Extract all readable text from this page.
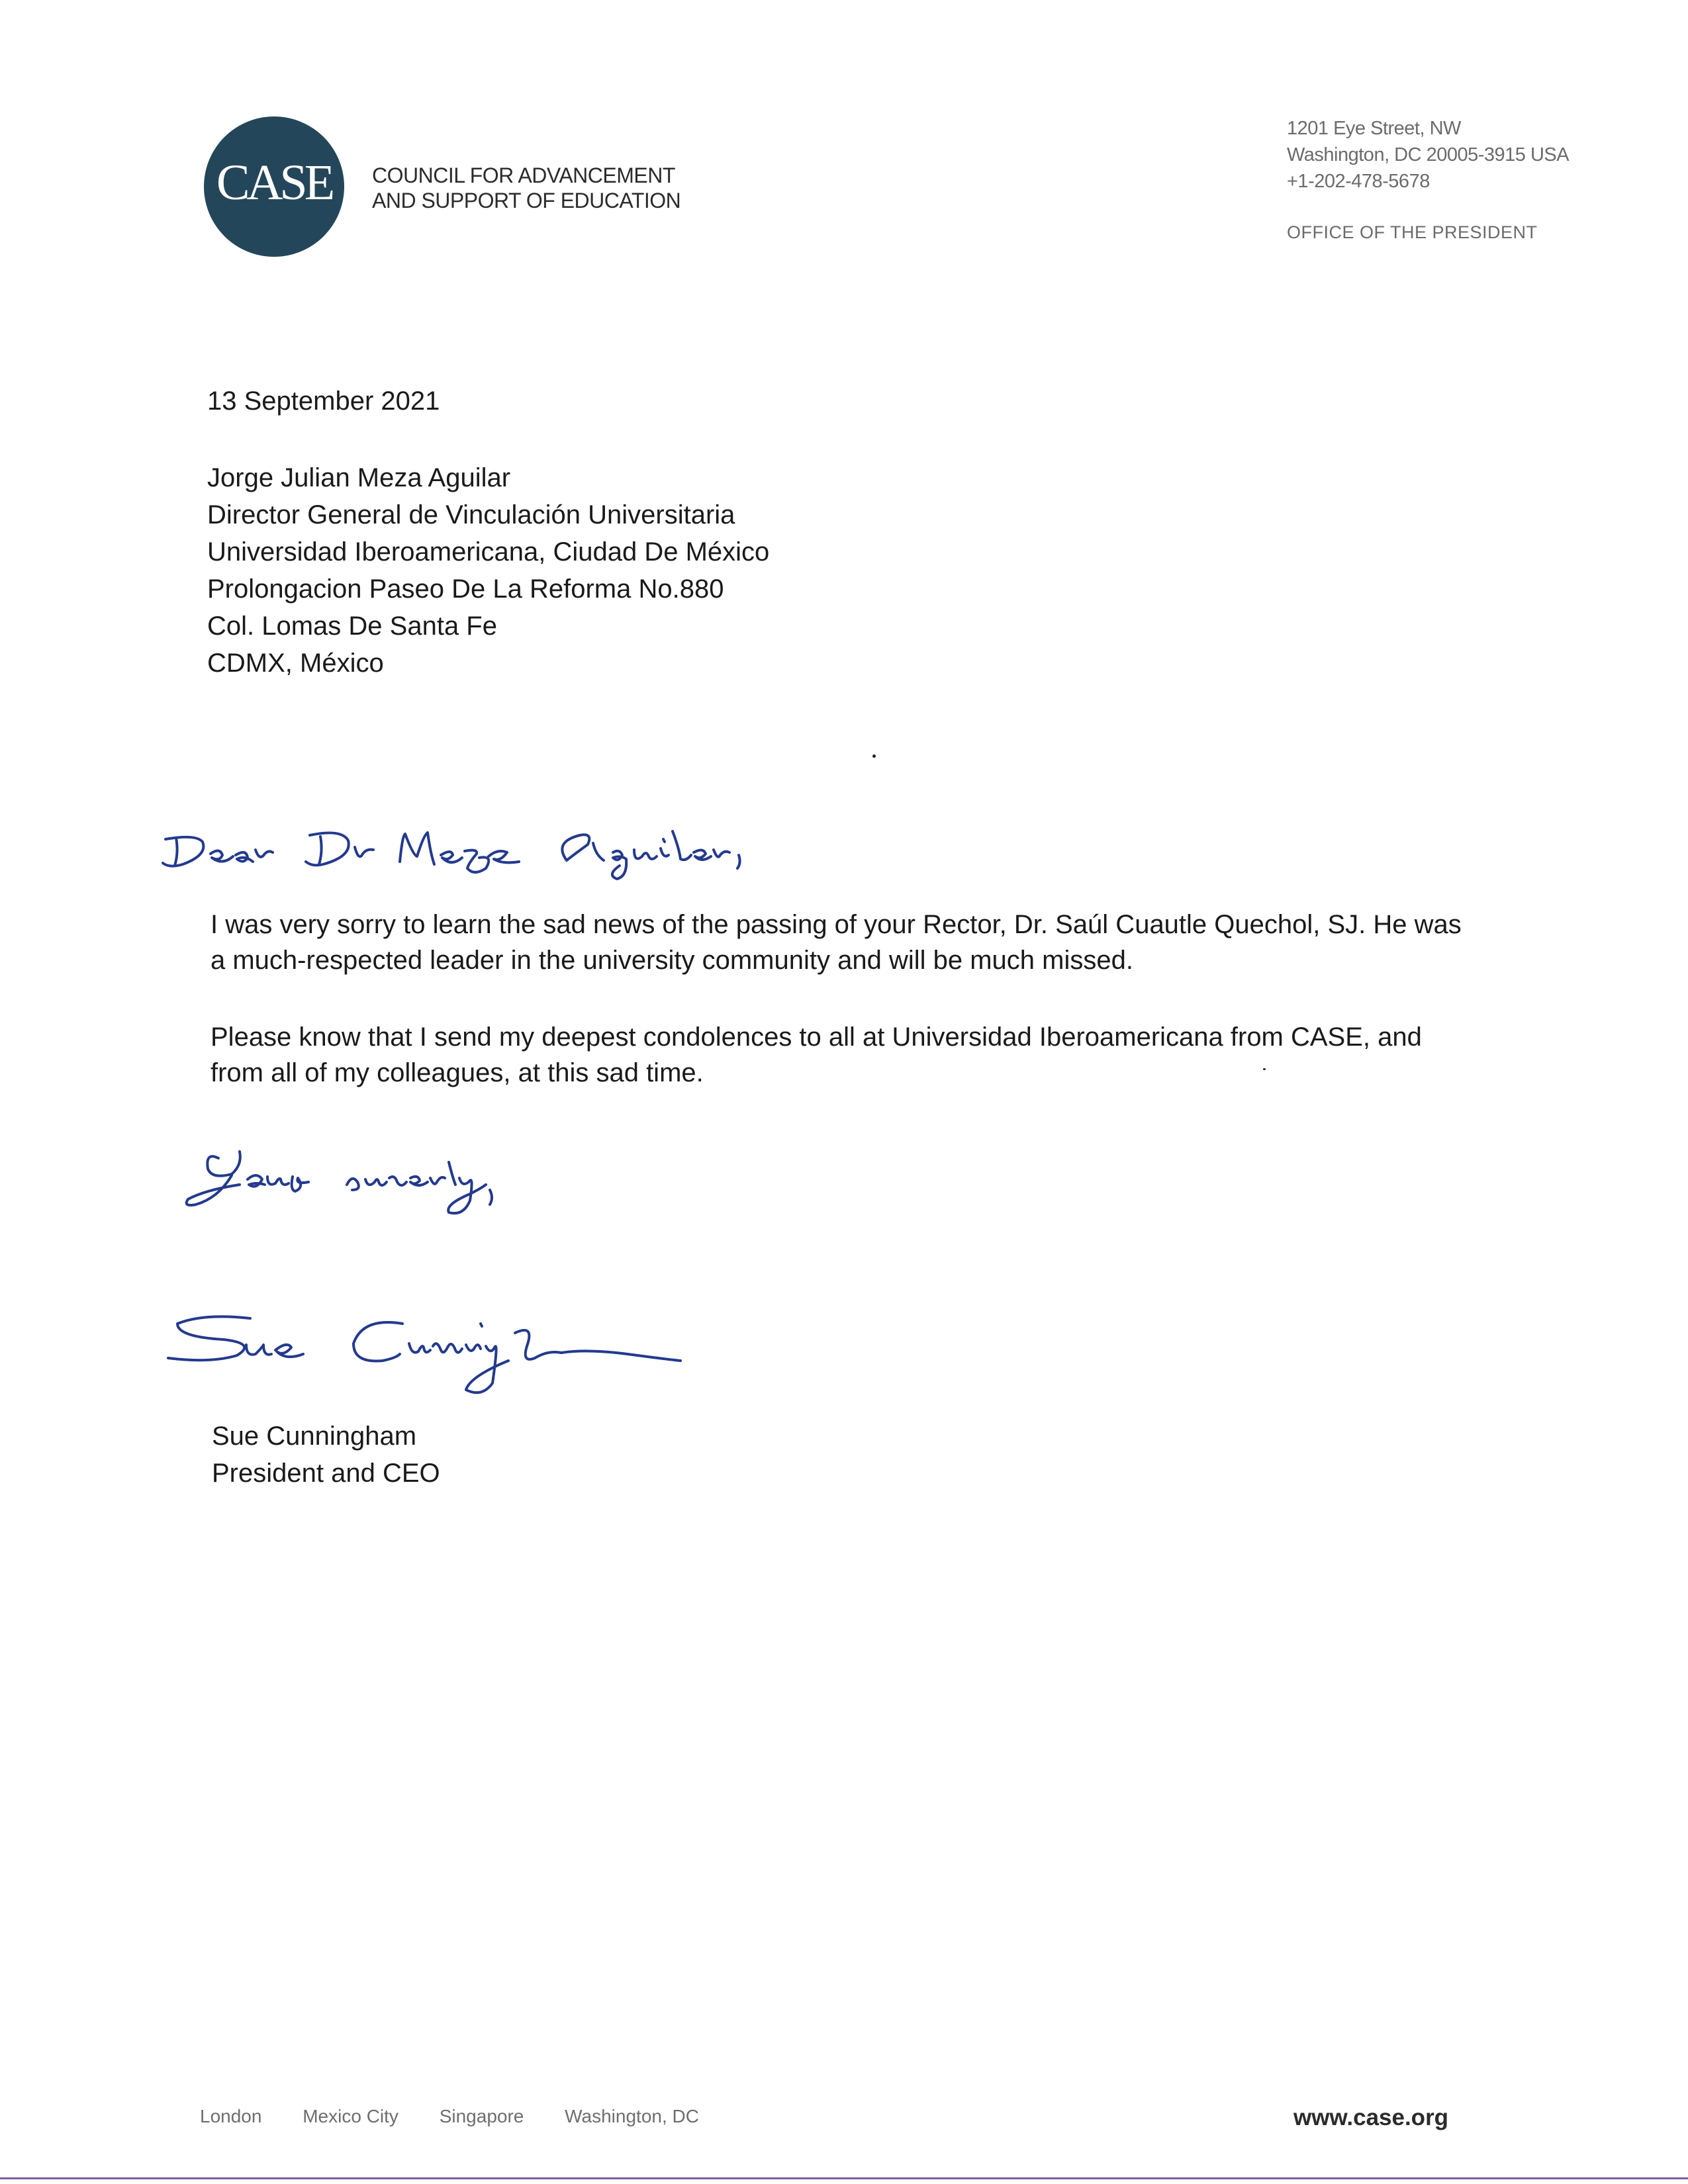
CASE	COUNCIL FOR ADVANCEMENT
AND SUPPORT OF EDUCATION
1201 Eye Street, NW
Washington, DC 20005-3915 USA
+1-202-478-5678
OFFICE OF THE PRESIDENT
13 September 2021
Jorge Julian Meza Aguilar
Director General de Vinculación Universitaria
Universidad Iberoamericana, Ciudad De México
Prolongacion Paseo De La Reforma No.880
Col. Lomas De Santa Fe
CDMX, México
I was very sorry to learn the sad news of the passing of your Rector, Dr. Saúl Cuautle Quechol, SJ. He was
a much-respected leader in the university community and will be much missed.
Please know that I send my deepest condolences to all at Universidad Iberoamericana from CASE, and
from all of my colleagues, at this sad time.
Sue Cunningham
President and CEO
London Mexico City Singapore Washington, DC	www.case.org
